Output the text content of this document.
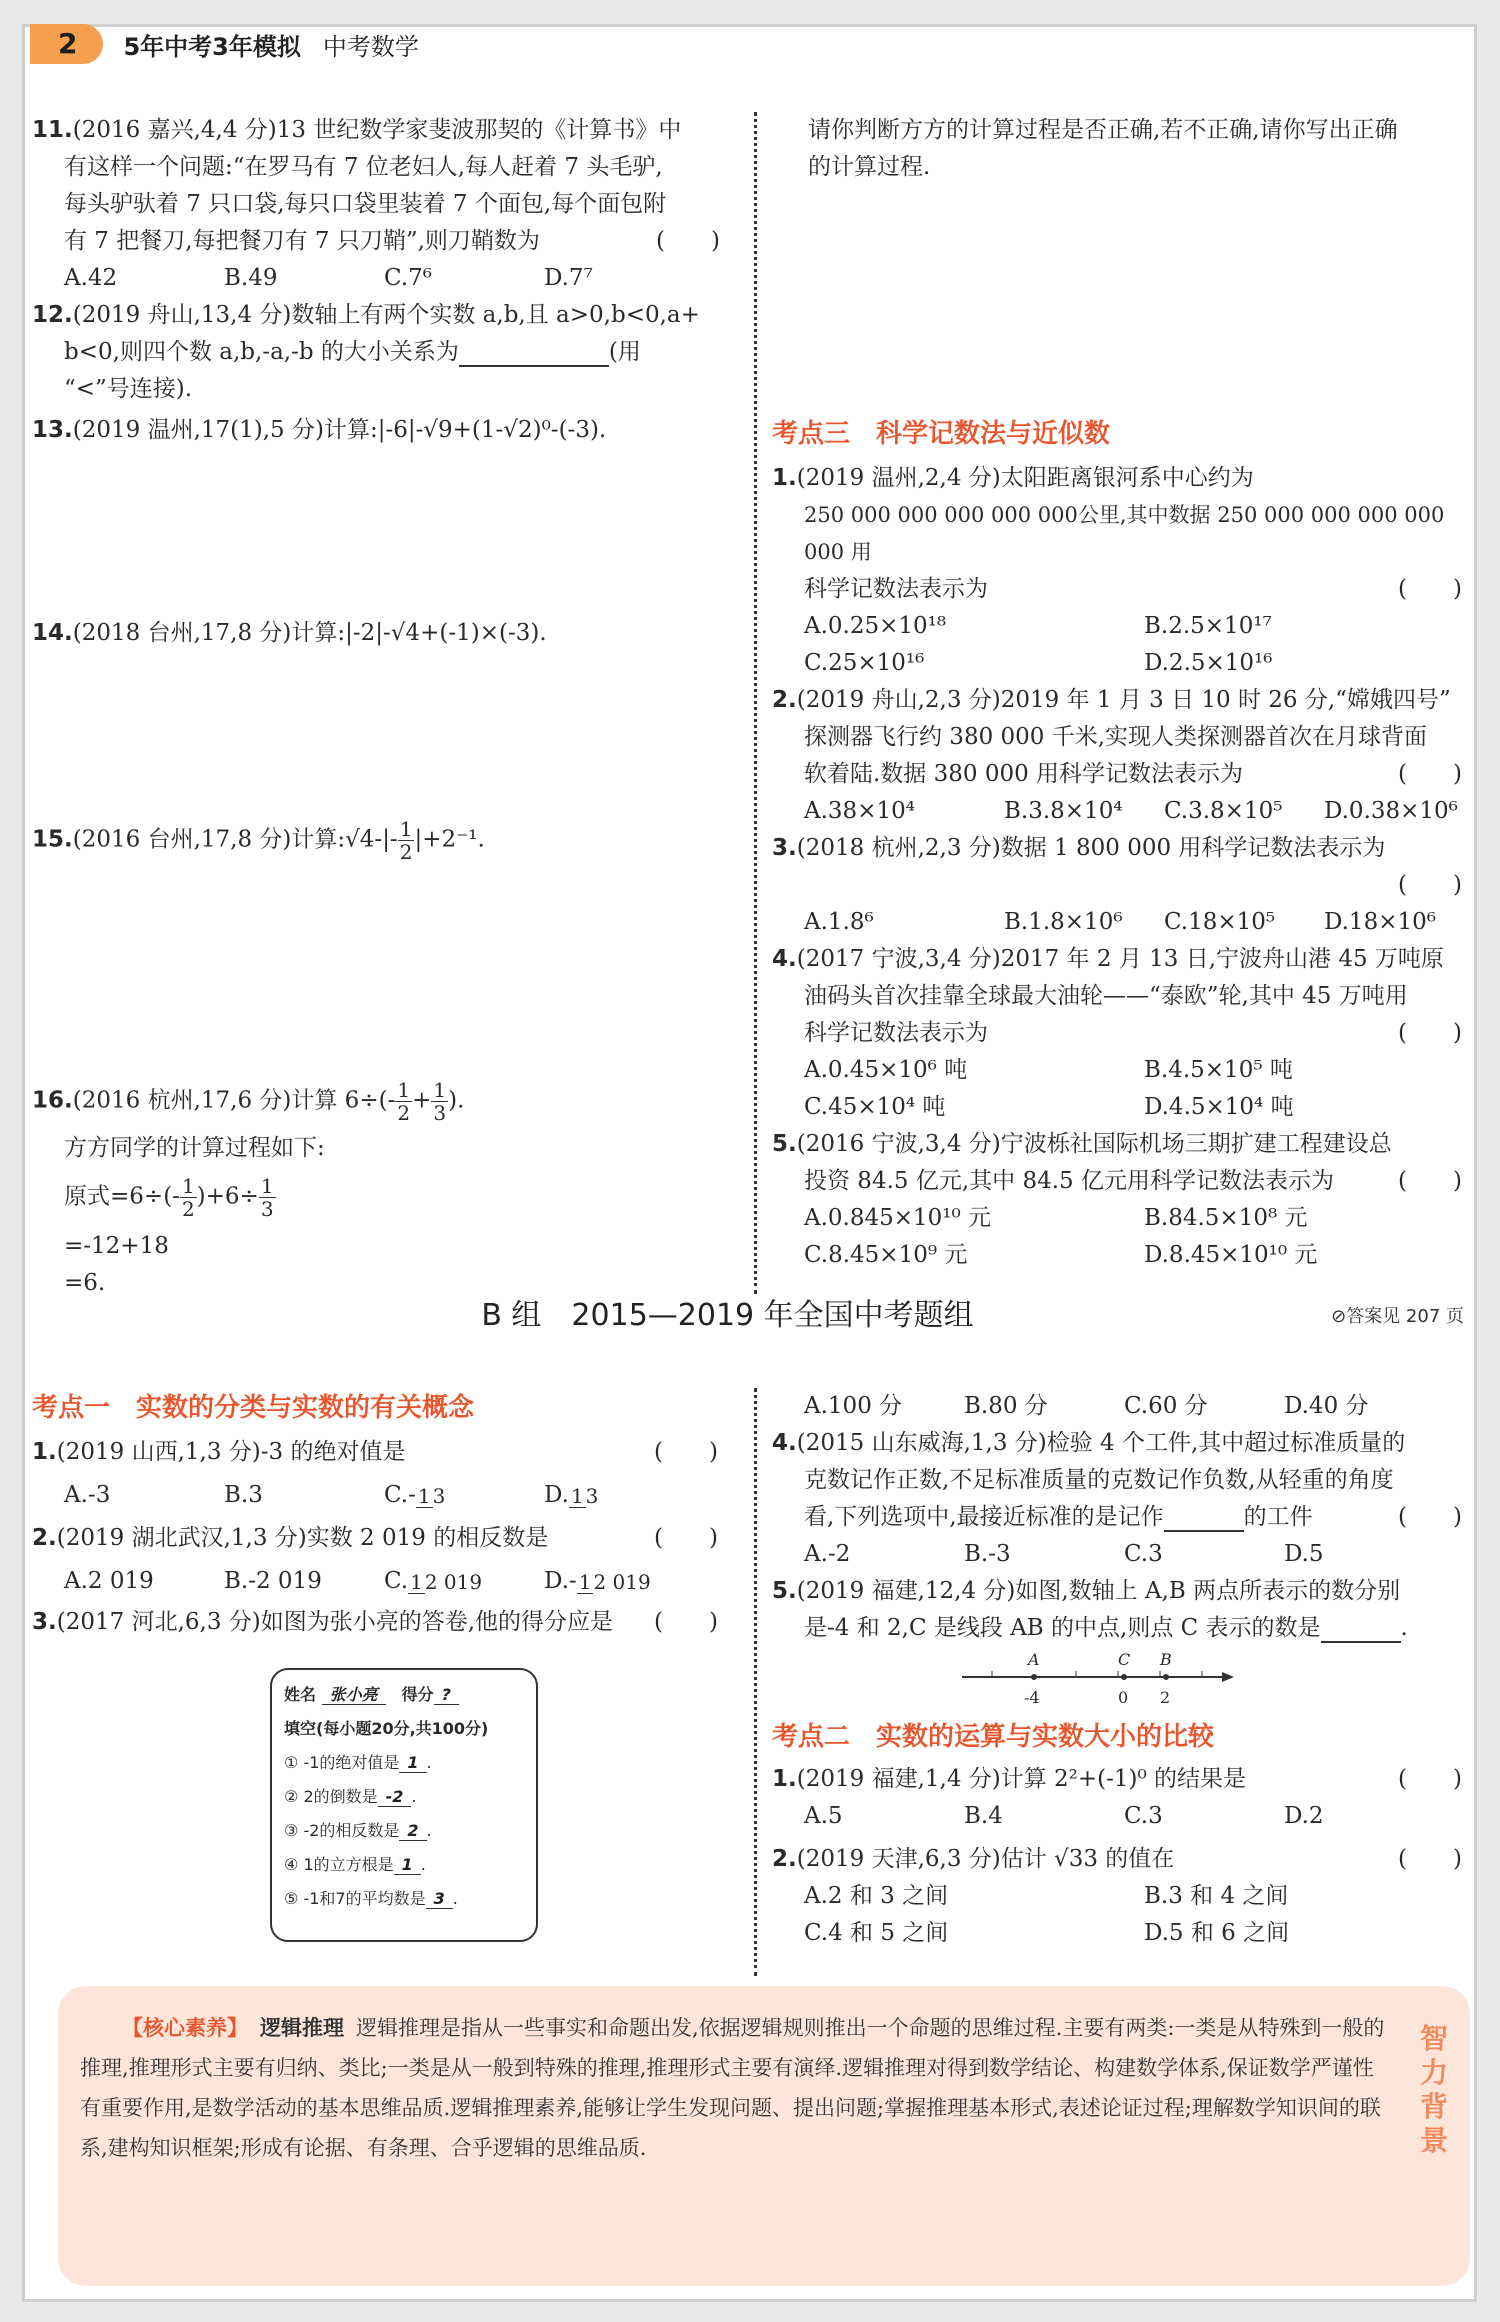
2	5年中考3年模拟 中考数学
11.(2016 嘉兴,4,4 分)13 世纪数学家斐波那契的《计算书》中
有这样一个问题:“在罗马有 7 位老妇人,每人赶着 7 头毛驴,
每头驴驮着 7 只口袋,每只口袋里装着 7 个面包,每个面包附
有 7 把餐刀,每把餐刀有 7 只刀鞘”,则刀鞘数为	(　　)
A.42	B.49	C.7⁶	D.7⁷
12.(2019 舟山,13,4 分)数轴上有两个实数 a,b,且 a>0,b<0,a+
b<0,则四个数 a,b,-a,-b 的大小关系为	(用
“<”号连接).
13.(2019 温州,17(1),5 分)计算:|-6|-√9+(1-√2)⁰-(-3).
14.(2018 台州,17,8 分)计算:|-2|-√4+(-1)×(-3).
15.(2016 台州,17,8 分)计算:√4-|- $\frac{1}{2} |+2^{-1}$.
16.(2016 杭州,17,6 分)计算 $6\div(- \frac{1}{2} + \frac{1}{3}$ ).
方方同学的计算过程如下:
原式$=6\div(- \frac{1}{2} )+6\div \frac{1}{3}$
=-12+18
=6.
请你判断方方的计算过程是否正确,若不正确,请你写出正确
的计算过程.
考点三　科学记数法与近似数
1.(2019 温州,2,4 分)太阳距离银河系中心约为
250 000 000 000 000 000公里,其中数据 250 000 000 000 000 000 用
科学记数法表示为	(　　)
A.0.25×10¹⁸	B.2.5×10¹⁷
C.25×10¹⁶	D.2.5×10¹⁶
2.(2019 舟山,2,3 分)2019 年 1 月 3 日 10 时 26 分,“嫦娥四号”
探测器飞行约 380 000 千米,实现人类探测器首次在月球背面
软着陆.数据 380 000 用科学记数法表示为	(　　)
A.38×10⁴	B.3.8×10⁴	C.3.8×10⁵	D.0.38×10⁶
3.(2018 杭州,2,3 分)数据 1 800 000 用科学记数法表示为
(　　)
A.1.8⁶	B.1.8×10⁶	C.18×10⁵	D.18×10⁶
4.(2017 宁波,3,4 分)2017 年 2 月 13 日,宁波舟山港 45 万吨原
油码头首次挂靠全球最大油轮——“泰欧”轮,其中 45 万吨用
科学记数法表示为	(　　)
A.0.45×10⁶ 吨	B.4.5×10⁵ 吨
C.45×10⁴ 吨	D.4.5×10⁴ 吨
5.(2016 宁波,3,4 分)宁波栎社国际机场三期扩建工程建设总
投资 84.5 亿元,其中 84.5 亿元用科学记数法表示为	(　　)
A.0.845×10¹⁰ 元	B.84.5×10⁸ 元
C.8.45×10⁹ 元	D.8.45×10¹⁰ 元
B 组　2015—2019 年全国中考题组	⊘答案见 207 页
考点一　实数的分类与实数的有关概念
1.(2019 山西,1,3 分)-3 的绝对值是	(　　)
A.-3	B.3	C.- 1 3	D. 1 3
2.(2019 湖北武汉,1,3 分)实数 2 019 的相反数是	(　　)
A.2 019	B.-2 019	C. 1 2 019	D.- 1 2 019
3.(2017 河北,6,3 分)如图为张小亮的答卷,他的得分应是 (　　)
姓名 张小亮　 得分 ?
填空(每小题20分,共100分)
① -1的绝对值是 1 .
② 2的倒数是 -2 .
③ -2的相反数是 2 .
④ 1的立方根是 1 .
⑤ -1和7的平均数是 3 .
A.100 分	B.80 分	C.60 分	D.40 分
4.(2015 山东威海,1,3 分)检验 4 个工件,其中超过标准质量的
克数记作正数,不足标准质量的克数记作负数,从轻重的角度
看,下列选项中,最接近标准的是记作	的工件	(　　)
A.-2	B.-3	C.3	D.5
5.(2019 福建,12,4 分)如图,数轴上 A,B 两点所表示的数分别
是-4 和 2,C 是线段 AB 的中点,则点 C 表示的数是	.
A	C B
-4	0 2
考点二　实数的运算与实数大小的比较
1.(2019 福建,1,4 分)计算 2²+(-1)⁰ 的结果是	(　　)
A.5	B.4	C.3	D.2
2.(2019 天津,6,3 分)估计 √33 的值在	(　　)
A.2 和 3 之间	B.3 和 4 之间
C.4 和 5 之间	D.5 和 6 之间
【核心素养】 逻辑推理 逻辑推理是指从一些事实和命题出发,依据逻辑规则推出一个命题的思维过程.主要有两类:一类是从特殊到一般的推理,推理形式主要有归纳、类比;一类是从一般到特殊的推理,推理形式主要有演绎.逻辑推理对得到数学结论、构建数学体系,保证数学严谨性有重要作用,是数学活动的基本思维品质.逻辑推理素养,能够让学生发现问题、提出问题;掌握推理基本形式,表述论证过程;理解数学知识间的联系,建构知识框架;形成有论据、有条理、合乎逻辑的思维品质.
智
力
背
景
